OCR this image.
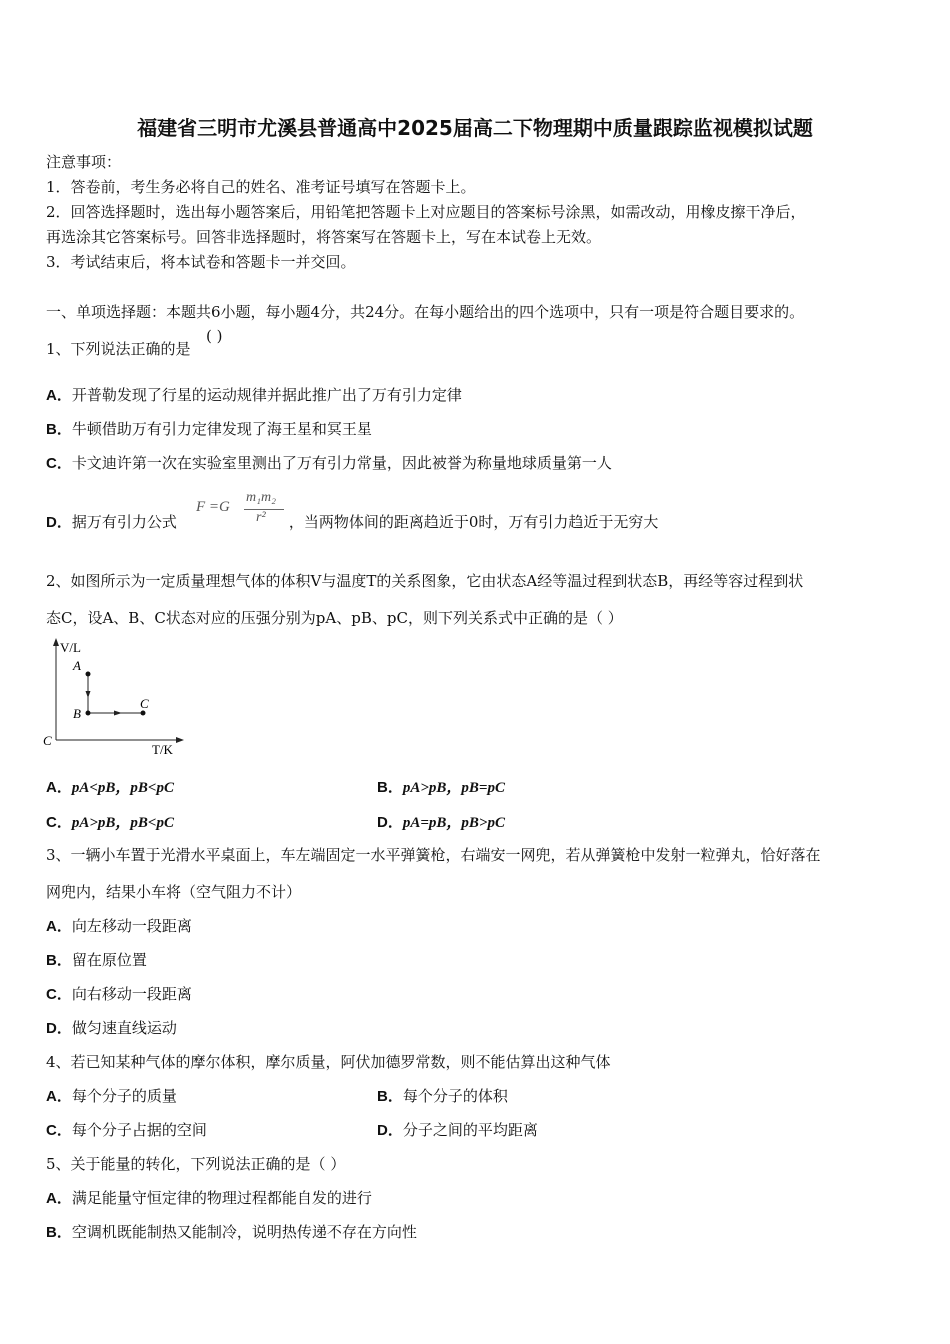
福建省三明市尤溪县普通高中2025届高二下物理期中质量跟踪监视模拟试题
注意事项：
1．答卷前，考生务必将自己的姓名、准考证号填写在答题卡上。
2．回答选择题时，选出每小题答案后，用铅笔把答题卡上对应题目的答案标号涂黑，如需改动，用橡皮擦干净后，
再选涂其它答案标号。回答非选择题时，将答案写在答题卡上，写在本试卷上无效。
3．考试结束后，将本试卷和答题卡一并交回。
一、单项选择题：本题共6小题，每小题4分，共24分。在每小题给出的四个选项中，只有一项是符合题目要求的。
1、下列说法正确的是
( )
A．开普勒发现了行星的运动规律并据此推广出了万有引力定律
B．牛顿借助万有引力定律发现了海王星和冥王星
C．卡文迪许第一次在实验室里测出了万有引力常量，因此被誉为称量地球质量第一人
D．据万有引力公式	，当两物体间的距离趋近于0时，万有引力趋近于无穷大
F =G
m₁m₂
r²
2、如图所示为一定质量理想气体的体积V与温度T的关系图象，它由状态A经等温过程到状态B，再经等容过程到状
态C，设A、B、C状态对应的压强分别为pA、pB、pC，则下列关系式中正确的是（ ）
V/L
T/K
C
A
B
C
A．pA<pB，pB<pC	B．pA>pB，pB=pC
C．pA>pB，pB<pC	D．pA=pB，pB>pC
3、一辆小车置于光滑水平桌面上，车左端固定一水平弹簧枪，右端安一网兜，若从弹簧枪中发射一粒弹丸，恰好落在
网兜内，结果小车将（空气阻力不计）
A．向左移动一段距离
B．留在原位置
C．向右移动一段距离
D．做匀速直线运动
4、若已知某种气体的摩尔体积，摩尔质量，阿伏加德罗常数，则不能估算出这种气体
A．每个分子的质量	B．每个分子的体积
C．每个分子占据的空间	D．分子之间的平均距离
5、关于能量的转化，下列说法正确的是（ ）
A．满足能量守恒定律的物理过程都能自发的进行
B．空调机既能制热又能制冷，说明热传递不存在方向性
